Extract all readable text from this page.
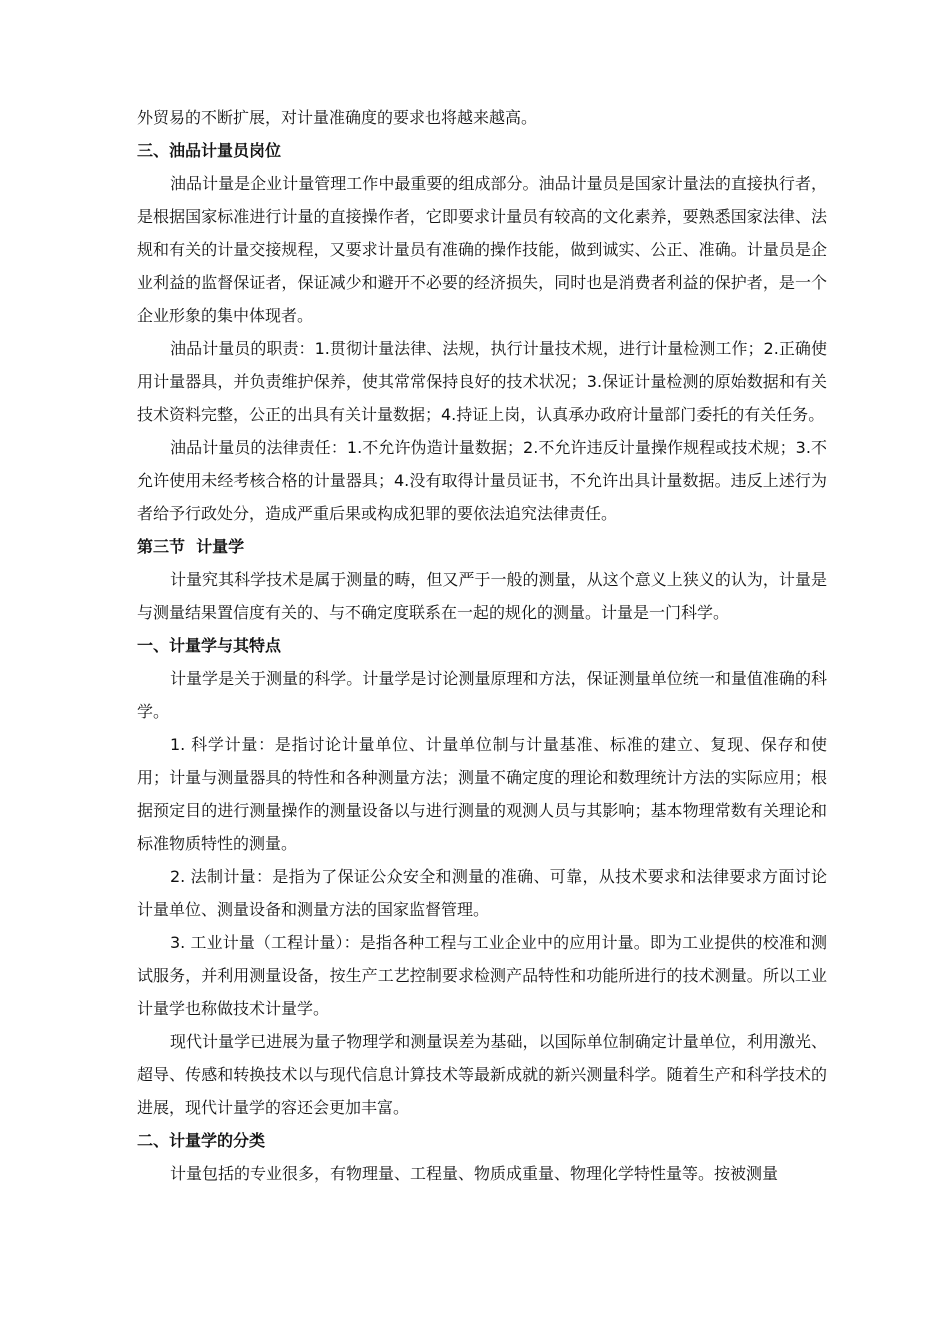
外贸易的不断扩展，对计量准确度的要求也将越来越高。

三、油品计量员岗位

油品计量是企业计量管理工作中最重要的组成部分。油品计量员是国家计量法的直接执行者，是根据国家标准进行计量的直接操作者，它即要求计量员有较高的文化素养，要熟悉国家法律、法规和有关的计量交接规程，又要求计量员有准确的操作技能，做到诚实、公正、准确。计量员是企业利益的监督保证者，保证减少和避开不必要的经济损失，同时也是消费者利益的保护者，是一个企业形象的集中体现者。

油品计量员的职责：1.贯彻计量法律、法规，执行计量技术规，进行计量检测工作；2.正确使用计量器具，并负责维护保养，使其常常保持良好的技术状况；3.保证计量检测的原始数据和有关技术资料完整，公正的出具有关计量数据；4.持证上岗，认真承办政府计量部门委托的有关任务。

油品计量员的法律责任：1.不允许伪造计量数据；2.不允许违反计量操作规程或技术规；3.不允许使用未经考核合格的计量器具；4.没有取得计量员证书，不允许出具计量数据。违反上述行为者给予行政处分，造成严重后果或构成犯罪的要依法追究法律责任。

第三节  计量学

计量究其科学技术是属于测量的畴，但又严于一般的测量，从这个意义上狭义的认为，计量是与测量结果置信度有关的、与不确定度联系在一起的规化的测量。计量是一门科学。

一、计量学与其特点

计量学是关于测量的科学。计量学是讨论测量原理和方法，保证测量单位统一和量值准确的科学。

1. 科学计量：是指讨论计量单位、计量单位制与计量基准、标准的建立、复现、保存和使用；计量与测量器具的特性和各种测量方法；测量不确定度的理论和数理统计方法的实际应用；根据预定目的进行测量操作的测量设备以与进行测量的观测人员与其影响；基本物理常数有关理论和标准物质特性的测量。

2. 法制计量：是指为了保证公众安全和测量的准确、可靠，从技术要求和法律要求方面讨论计量单位、测量设备和测量方法的国家监督管理。

3. 工业计量（工程计量）：是指各种工程与工业企业中的应用计量。即为工业提供的校准和测试服务，并利用测量设备，按生产工艺控制要求检测产品特性和功能所进行的技术测量。所以工业计量学也称做技术计量学。

现代计量学已进展为量子物理学和测量误差为基础，以国际单位制确定计量单位，利用激光、超导、传感和转换技术以与现代信息计算技术等最新成就的新兴测量科学。随着生产和科学技术的进展，现代计量学的容还会更加丰富。

二、计量学的分类

计量包括的专业很多，有物理量、工程量、物质成重量、物理化学特性量等。按被测量
